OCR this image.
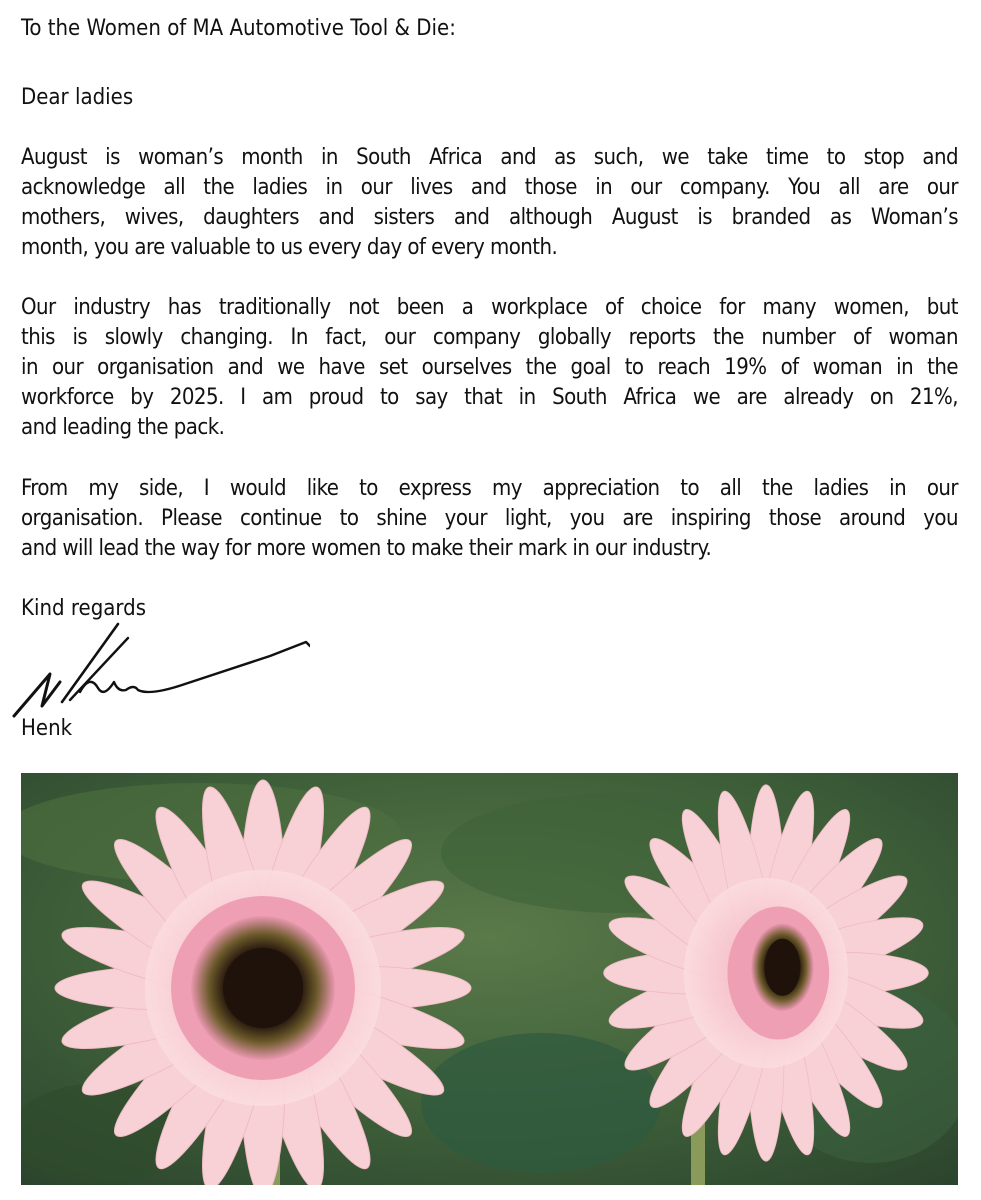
To the Women of MA Automotive Tool & Die:
Dear ladies
August is woman’s month in South Africa and as such, we take time to stop and
acknowledge all the ladies in our lives and those in our company. You all are our
mothers, wives, daughters and sisters and although August is branded as Woman’s
month, you are valuable to us every day of every month.
Our industry has traditionally not been a workplace of choice for many women, but
this is slowly changing. In fact, our company globally reports the number of woman
in our organisation and we have set ourselves the goal to reach 19% of woman in the
workforce by 2025. I am proud to say that in South Africa we are already on 21%,
and leading the pack.
From my side, I would like to express my appreciation to all the ladies in our
organisation. Please continue to shine your light, you are inspiring those around you
and will lead the way for more women to make their mark in our industry.
Kind regards
Henk
